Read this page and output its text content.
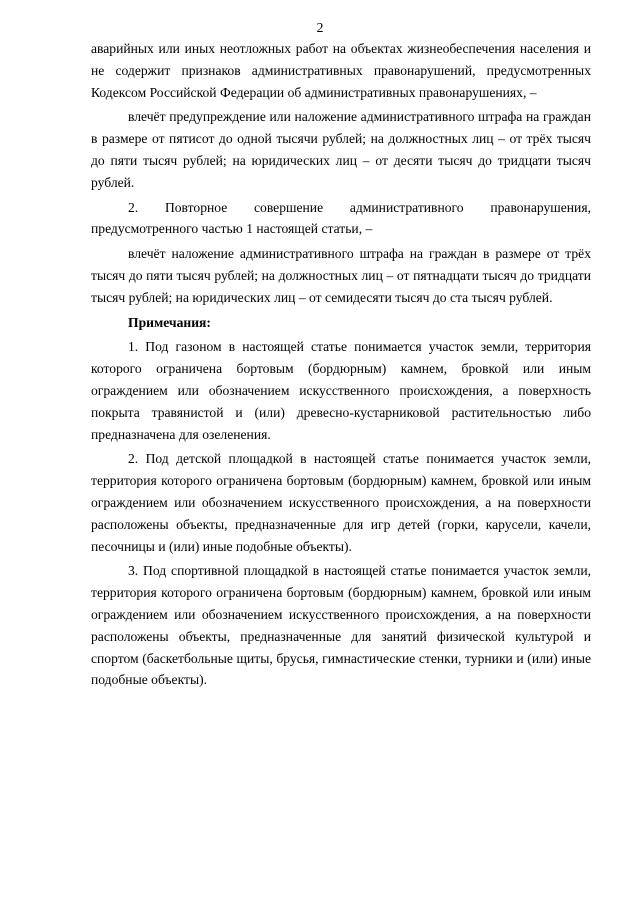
2

аварийных или иных неотложных работ на объектах жизнеобеспечения населения и не содержит признаков административных правонарушений, предусмотренных Кодексом Российской Федерации об административных правонарушениях, –

влечёт предупреждение или наложение административного штрафа на граждан в размере от пятисот до одной тысячи рублей; на должностных лиц – от трёх тысяч до пяти тысяч рублей; на юридических лиц – от десяти тысяч до тридцати тысяч рублей.

2. Повторное совершение административного правонарушения, предусмотренного частью 1 настоящей статьи, –

влечёт наложение административного штрафа на граждан в размере от трёх тысяч до пяти тысяч рублей; на должностных лиц – от пятнадцати тысяч до тридцати тысяч рублей; на юридических лиц – от семидесяти тысяч до ста тысяч рублей.

Примечания:

1. Под газоном в настоящей статье понимается участок земли, территория которого ограничена бортовым (бордюрным) камнем, бровкой или иным ограждением или обозначением искусственного происхождения, а поверхность покрыта травянистой и (или) древесно-кустарниковой растительностью либо предназначена для озеленения.

2. Под детской площадкой в настоящей статье понимается участок земли, территория которого ограничена бортовым (бордюрным) камнем, бровкой или иным ограждением или обозначением искусственного происхождения, а на поверхности расположены объекты, предназначенные для игр детей (горки, карусели, качели, песочницы и (или) иные подобные объекты).

3. Под спортивной площадкой в настоящей статье понимается участок земли, территория которого ограничена бортовым (бордюрным) камнем, бровкой или иным ограждением или обозначением искусственного происхождения, а на поверхности расположены объекты, предназначенные для занятий физической культурой и спортом (баскетбольные щиты, брусья, гимнастические стенки, турники и (или) иные подобные объекты).
